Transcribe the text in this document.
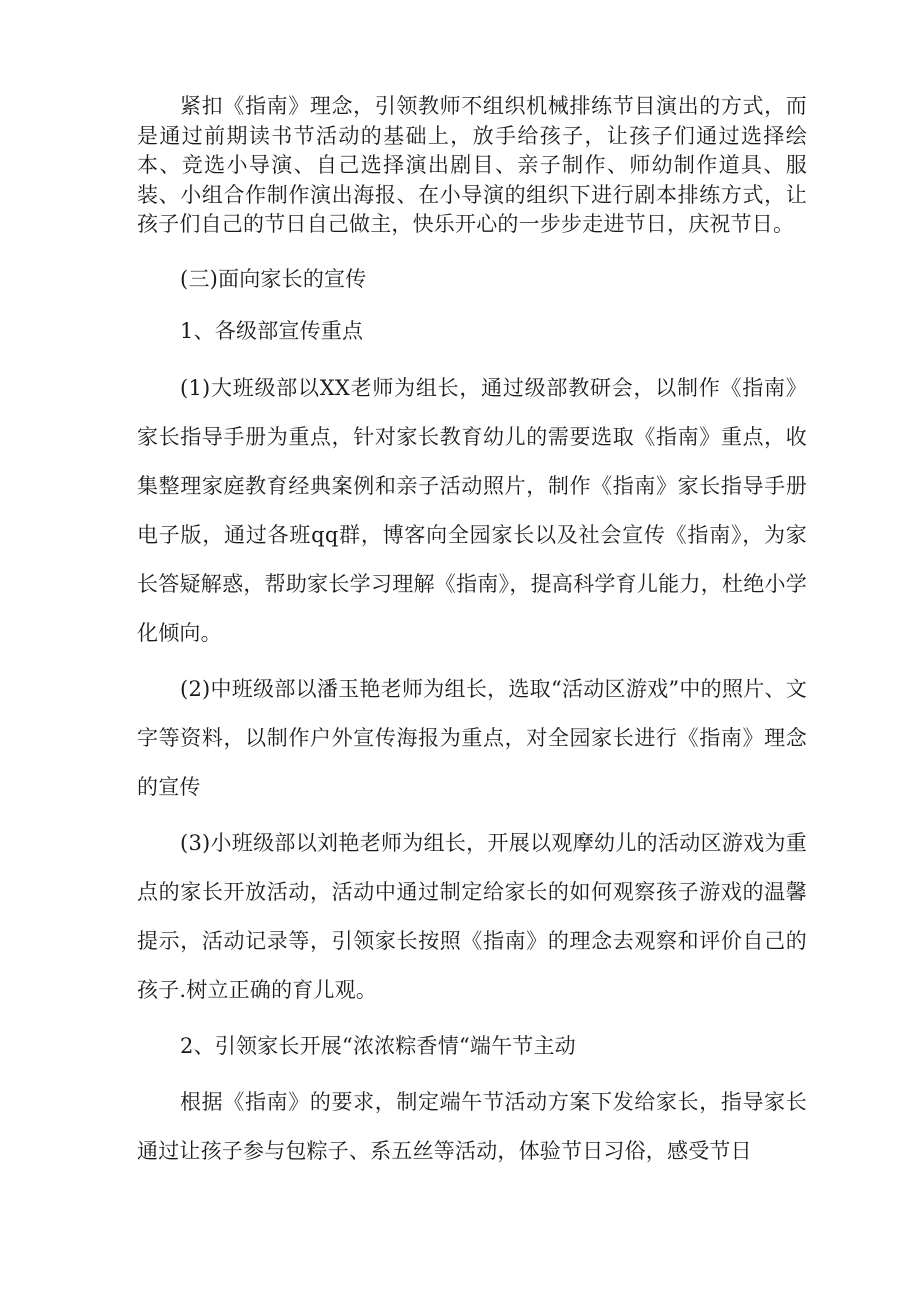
紧扣《指南》理念，引领教师不组织机械排练节目演出的方式，而是通过前期读书节活动的基础上，放手给孩子，让孩子们通过选择绘本、竞选小导演、自己选择演出剧目、亲子制作、师幼制作道具、服装、小组合作制作演出海报、在小导演的组织下进行剧本排练方式，让孩子们自己的节日自己做主，快乐开心的一步步走进节日，庆祝节日。

(三)面向家长的宣传

1、各级部宣传重点

(1)大班级部以XX老师为组长，通过级部教研会，以制作《指南》家长指导手册为重点，针对家长教育幼儿的需要选取《指南》重点，收集整理家庭教育经典案例和亲子活动照片，制作《指南》家长指导手册电子版，通过各班qq群，博客向全园家长以及社会宣传《指南》，为家长答疑解惑，帮助家长学习理解《指南》，提高科学育儿能力，杜绝小学化倾向。

(2)中班级部以潘玉艳老师为组长，选取“活动区游戏”中的照片、文字等资料，以制作户外宣传海报为重点，对全园家长进行《指南》理念的宣传

(3)小班级部以刘艳老师为组长，开展以观摩幼儿的活动区游戏为重点的家长开放活动，活动中通过制定给家长的如何观察孩子游戏的温馨提示，活动记录等，引领家长按照《指南》的理念去观察和评价自己的孩子.树立正确的育儿观。

2、引领家长开展“浓浓粽香情“端午节主动

根据《指南》的要求，制定端午节活动方案下发给家长，指导家长通过让孩子参与包粽子、系五丝等活动，体验节日习俗，感受节日
